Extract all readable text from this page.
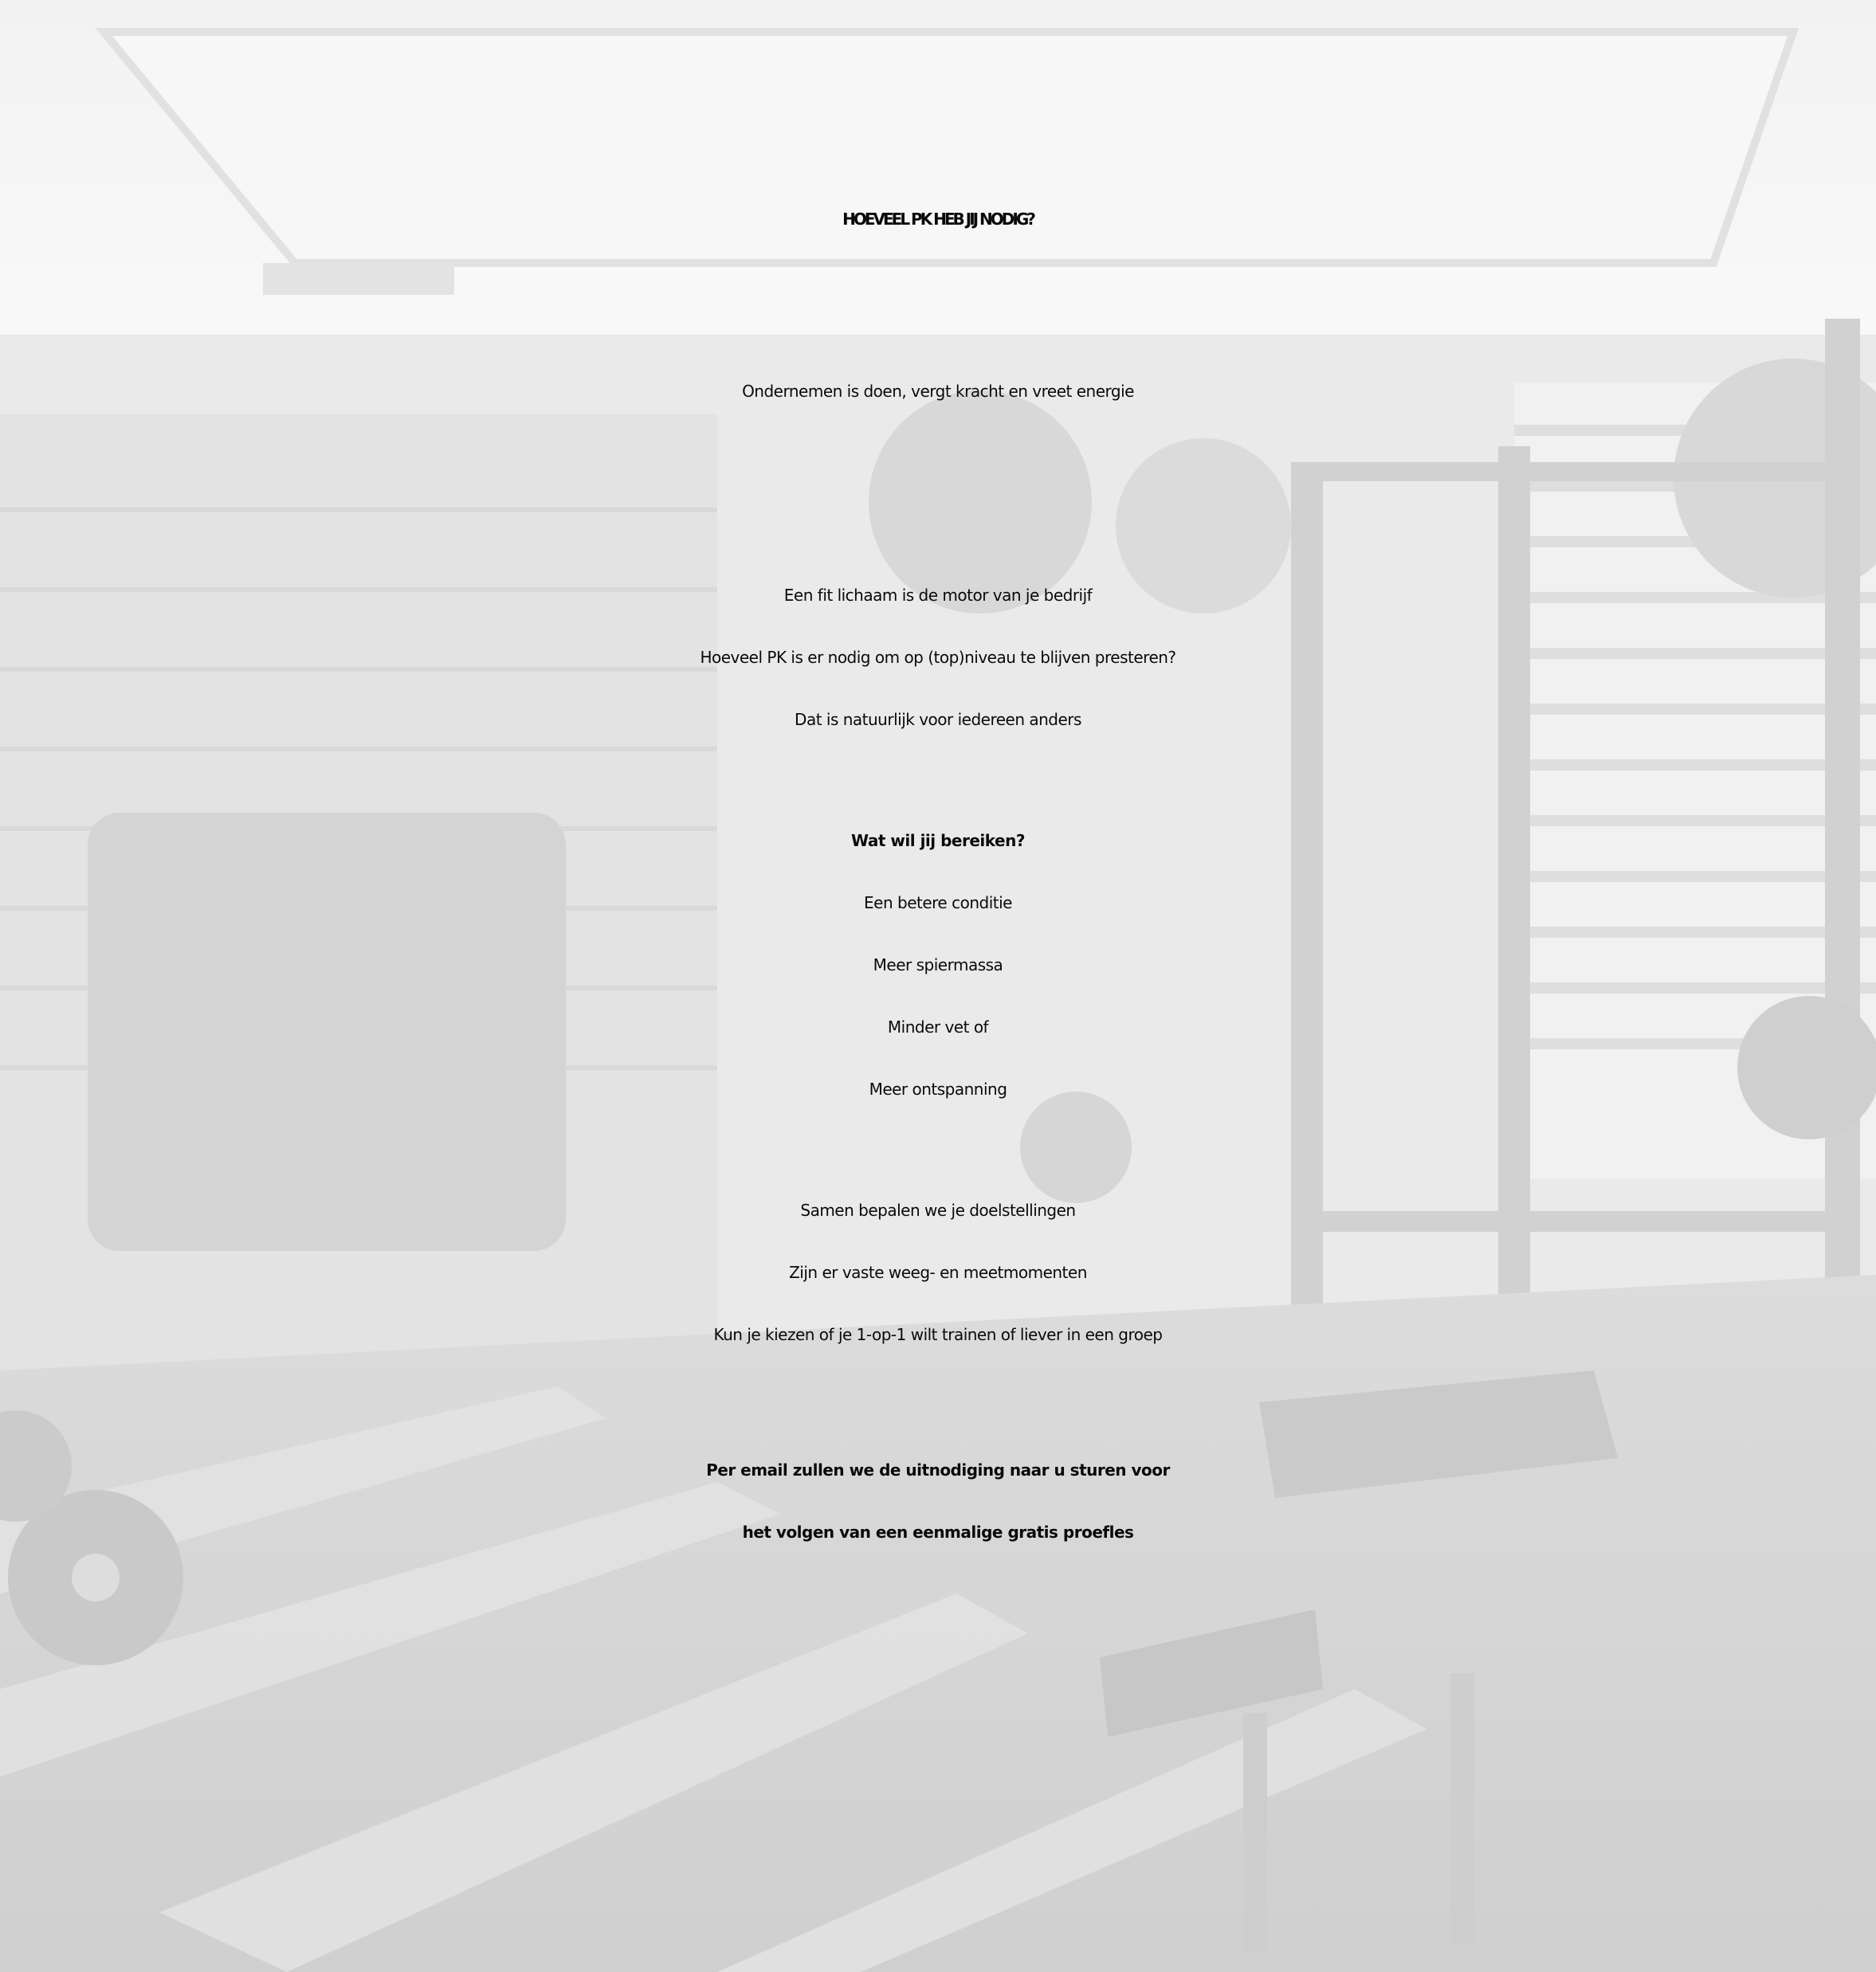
HOEVEEL PK HEB JIJ NODIG?

Ondernemen is doen, vergt kracht en vreet energie

Een fit lichaam is de motor van je bedrijf

Hoeveel PK is er nodig om op (top)niveau te blijven presteren?

Dat is natuurlijk voor iedereen anders

Wat wil jij bereiken?

Een betere conditie

Meer spiermassa

Minder vet of

Meer ontspanning

Samen bepalen we je doelstellingen

Zijn er vaste weeg- en meetmomenten

Kun je kiezen of je 1-op-1 wilt trainen of liever in een groep

Per email zullen we de uitnodiging naar u sturen voor

het volgen van een eenmalige gratis proefles
